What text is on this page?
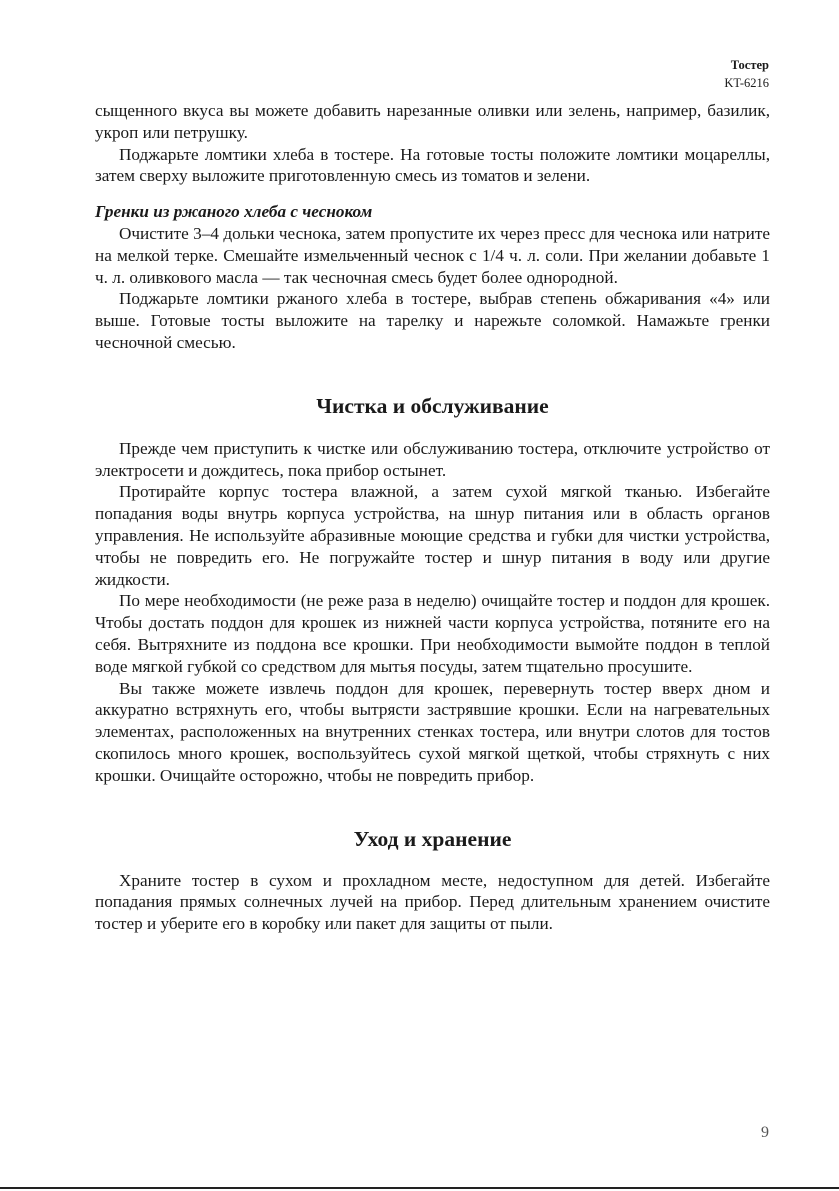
Тостер
KT-6216

сыщенного вкуса вы можете добавить нарезанные оливки или зелень, например, базилик, укроп или петрушку.

Поджарьте ломтики хлеба в тостере. На готовые тосты положите ломтики моцареллы, затем сверху выложите приготовленную смесь из томатов и зелени.

Гренки из ржаного хлеба с чесноком

Очистите 3–4 дольки чеснока, затем пропустите их через пресс для чеснока или натрите на мелкой терке. Смешайте измельченный чеснок с 1/4 ч. л. соли. При желании добавьте 1 ч. л. оливкового масла — так чесночная смесь будет более однородной.

Поджарьте ломтики ржаного хлеба в тостере, выбрав степень обжаривания «4» или выше. Готовые тосты выложите на тарелку и нарежьте соломкой. Намажьте гренки чесночной смесью.

Чистка и обслуживание

Прежде чем приступить к чистке или обслуживанию тостера, отключите устройство от электросети и дождитесь, пока прибор остынет.

Протирайте корпус тостера влажной, а затем сухой мягкой тканью. Избегайте попадания воды внутрь корпуса устройства, на шнур питания или в область органов управления. Не используйте абразивные моющие средства и губки для чистки устройства, чтобы не повредить его. Не погружайте тостер и шнур питания в воду или другие жидкости.

По мере необходимости (не реже раза в неделю) очищайте тостер и поддон для крошек. Чтобы достать поддон для крошек из нижней части корпуса устройства, потяните его на себя. Вытряхните из поддона все крошки. При необходимости вымойте поддон в теплой воде мягкой губкой со средством для мытья посуды, затем тщательно просушите.

Вы также можете извлечь поддон для крошек, перевернуть тостер вверх дном и аккуратно встряхнуть его, чтобы вытрясти застрявшие крошки. Если на нагревательных элементах, расположенных на внутренних стенках тостера, или внутри слотов для тостов скопилось много крошек, воспользуйтесь сухой мягкой щеткой, чтобы стряхнуть с них крошки. Очищайте осторожно, чтобы не повредить прибор.

Уход и хранение

Храните тостер в сухом и прохладном месте, недоступном для детей. Избегайте попадания прямых солнечных лучей на прибор. Перед длительным хранением очистите тостер и уберите его в коробку или пакет для защиты от пыли.

9
